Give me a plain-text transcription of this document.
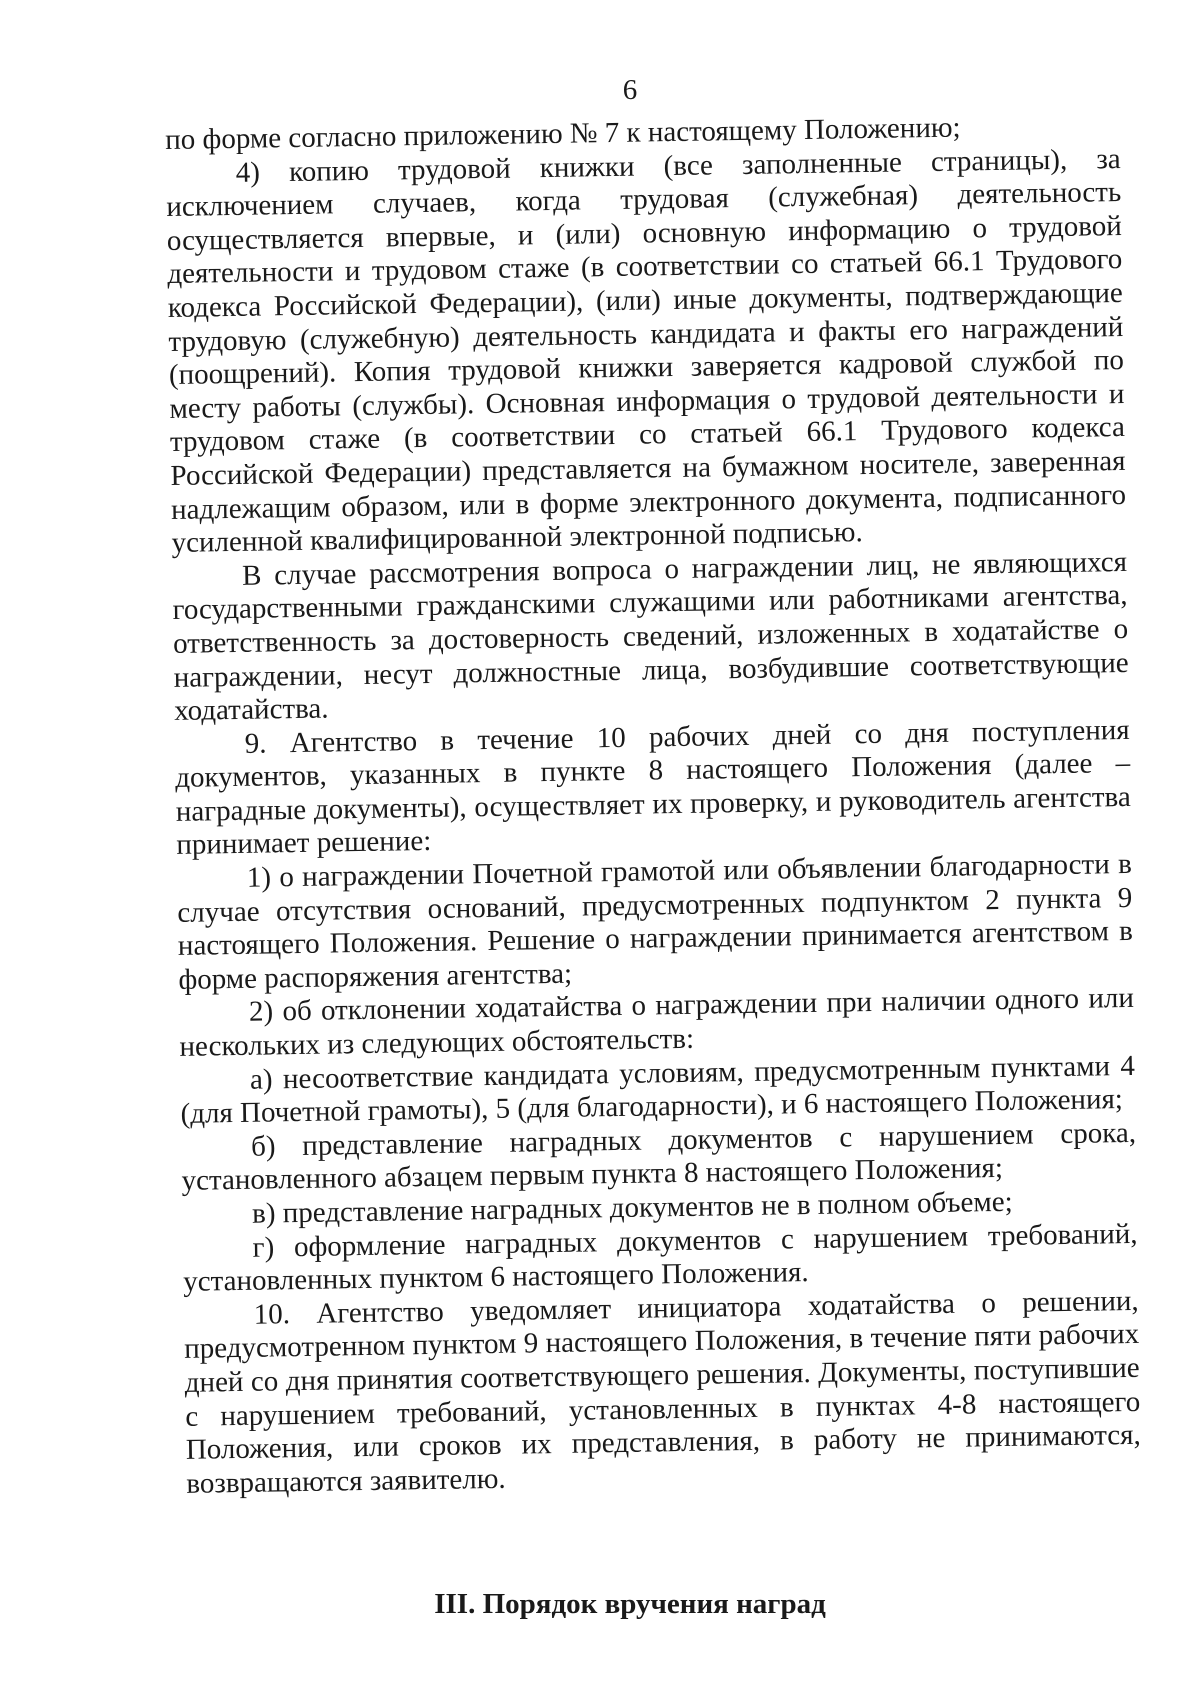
6

по форме согласно приложению № 7 к настоящему Положению;

4) копию трудовой книжки (все заполненные страницы), за исключением случаев, когда трудовая (служебная) деятельность осуществляется впервые, и (или) основную информацию о трудовой деятельности и трудовом стаже (в соответствии со статьей 66.1 Трудового кодекса Российской Федерации), (или) иные документы, подтверждающие трудовую (служебную) деятельность кандидата и факты его награждений (поощрений). Копия трудовой книжки заверяется кадровой службой по месту работы (службы). Основная информация о трудовой деятельности и трудовом стаже (в соответствии со статьей 66.1 Трудового кодекса Российской Федерации) представляется на бумажном носителе, заверенная надлежащим образом, или в форме электронного документа, подписанного усиленной квалифицированной электронной подписью.

В случае рассмотрения вопроса о награждении лиц, не являющихся государственными гражданскими служащими или работниками агентства, ответственность за достоверность сведений, изложенных в ходатайстве о награждении, несут должностные лица, возбудившие соответствующие ходатайства.

9. Агентство в течение 10 рабочих дней со дня поступления документов, указанных в пункте 8 настоящего Положения (далее – наградные документы), осуществляет их проверку, и руководитель агентства принимает решение:

1) о награждении Почетной грамотой или объявлении благодарности в случае отсутствия оснований, предусмотренных подпунктом 2 пункта 9 настоящего Положения. Решение о награждении принимается агентством в форме распоряжения агентства;

2) об отклонении ходатайства о награждении при наличии одного или нескольких из следующих обстоятельств:

а) несоответствие кандидата условиям, предусмотренным пунктами 4 (для Почетной грамоты), 5 (для благодарности), и 6 настоящего Положения;

б) представление наградных документов с нарушением срока, установленного абзацем первым пункта 8 настоящего Положения;

в) представление наградных документов не в полном объеме;

г) оформление наградных документов с нарушением требований, установленных пунктом 6 настоящего Положения.

10. Агентство уведомляет инициатора ходатайства о решении, предусмотренном пунктом 9 настоящего Положения, в течение пяти рабочих дней со дня принятия соответствующего решения. Документы, поступившие с нарушением требований, установленных в пунктах 4-8 настоящего Положения, или сроков их представления, в работу не принимаются, возвращаются заявителю.

III. Порядок вручения наград
